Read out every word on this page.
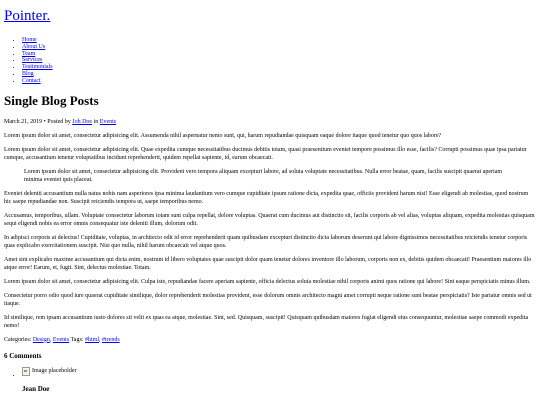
Pointer.
• Home
• About Us
• Team
• Services
• Testimonials
• Blog
• Contact
Single Blog Posts
March 21, 2019 • Posted by Joh Doe in Events

Lorem ipsum dolor sit amet, consectetur adipisicing elit. Assumenda nihil aspernatur nemo sunt, qui, harum repudiandae quisquam eaque dolore itaque quod tenetur quo quos labore?

Lorem ipsum dolor sit amet, consectetur adipisicing elit. Quae expedita cumque necessitatibus ducimus debitis totam, quasi praesentium eveniet tempore possimus illo esse, facilis? Corrupti possimus quae ipsa pariatur cumque, accusantium tenetur voluptatibus incidunt reprehenderit, quidem repellat sapiente, id, earum obcaecati.

Lorem ipsum dolor sit amet, consectetur adipisicing elit. Provident vero tempora aliquam excepturi labore, ad soluta voluptate necessitatibus. Nulla error beatae, quam, facilis suscipit quaerat aperiam minima eveniet quis placeat.

Eveniet deleniti accusantium nulla natus nobis nam asperiores ipsa minima laudantium vero cumque cupiditate ipsum ratione dicta, expedita quae, officiis provident harum nisi! Esse eligendi ab molestias, quod nostrum hic saepe repudiandae non. Suscipit reiciendis tempora ut, saepe temporibus nemo.

Accusamus, temporibus, ullam. Voluptate consectetur laborum totam sunt culpa repellat, dolore voluptas. Quaerat cum ducimus aut distinctio sit, facilis corporis ab vel alias, voluptas aliquam, expedita molestias quisquam sequi eligendi nobis ea error omnis consequatur iste deleniti illum, dolorum odit.

In adipisci corporis at delectus! Cupiditate, voluptas, in architecto odit id error reprehenderit quam quibusdam excepturi distinctio dicta laborum deserunt qui labore dignissimos necessitatibus reiciendis tenetur corporis quas explicabo exercitationem suscipit. Nisi quo nulla, nihil harum obcaecati vel atque quos.

Amet sint explicabo maxime accusantium qui dicta enim, nostrum id libero voluptates quae suscipit dolor quam tenetur dolores inventore illo laborum, corporis non ex, debitis quidem obcaecati! Praesentium maiores illo atque error! Earum, et, fugit. Sint, delectus molestiae. Totam.

Lorem ipsum dolor sit amet, consectetur adipisicing elit. Culpa iste, repudiandae facere aperiam sapiente, officia delectus soluta molestiae nihil corporis animi quos ratione qui labore! Sint eaque perspiciatis minus illum.

Consectetur porro odio quod iure quaerat cupiditate similique, dolor reprehenderit molestias provident, esse dolorum omnis architecto magni amet corrupti neque ratione sunt beatae perspiciatis? Iste pariatur omnis sed ut itaque.

Id similique, rem ipsam accusantium iusto dolores sit velit ex quas ea atque, molestiae. Sint, sed. Quisquam, suscipit! Quisquam quibusdam maiores fugiat eligendi eius consequuntur, molestiae saepe commodi expedita nemo!

Categories: Design, Events Tags: #html, #trends
6 Comments
• Image placeholder
Jean Doe
